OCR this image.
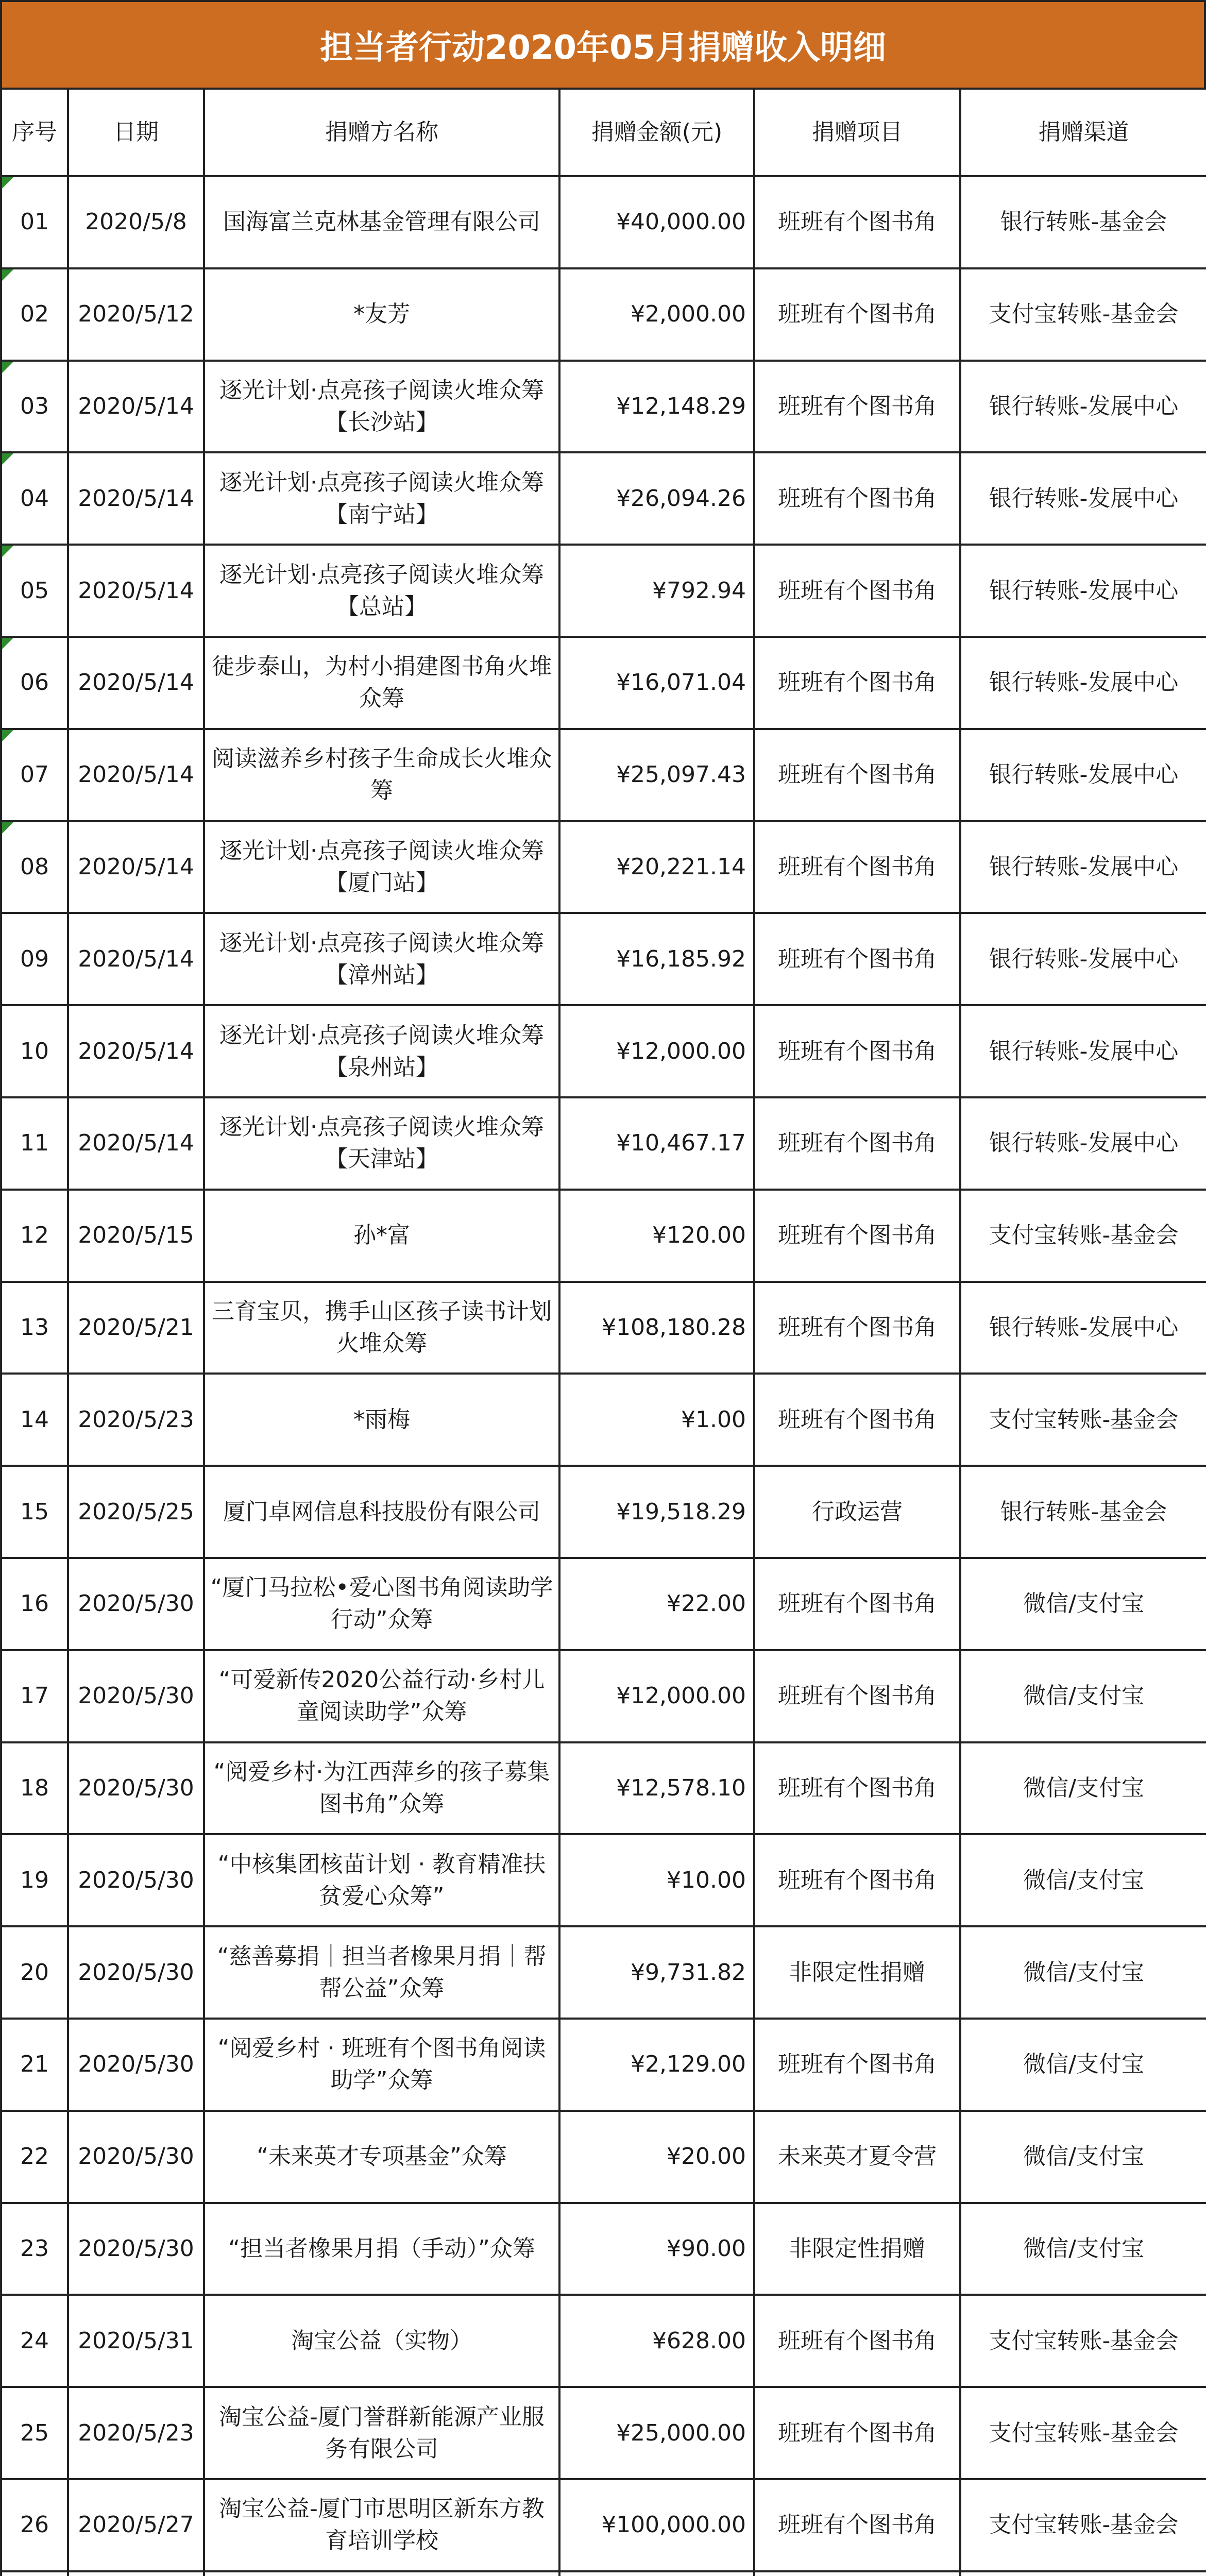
担当者行动2020年05月捐赠收入明细
序号	日期	捐赠方名称	捐赠金额(元)	捐赠项目	捐赠渠道
01	2020/5/8	国海富兰克林基金管理有限公司	¥40,000.00	班班有个图书角	银行转账-基金会
02	2020/5/12	*友芳	¥2,000.00	班班有个图书角	支付宝转账-基金会
03	2020/5/14	逐光计划·点亮孩子阅读火堆众筹【长沙站】	¥12,148.29	班班有个图书角	银行转账-发展中心
04	2020/5/14	逐光计划·点亮孩子阅读火堆众筹【南宁站】	¥26,094.26	班班有个图书角	银行转账-发展中心
05	2020/5/14	逐光计划·点亮孩子阅读火堆众筹【总站】	¥792.94	班班有个图书角	银行转账-发展中心
06	2020/5/14	徒步泰山，为村小捐建图书角火堆众筹	¥16,071.04	班班有个图书角	银行转账-发展中心
07	2020/5/14	阅读滋养乡村孩子生命成长火堆众筹	¥25,097.43	班班有个图书角	银行转账-发展中心
08	2020/5/14	逐光计划·点亮孩子阅读火堆众筹【厦门站】	¥20,221.14	班班有个图书角	银行转账-发展中心
09	2020/5/14	逐光计划·点亮孩子阅读火堆众筹【漳州站】	¥16,185.92	班班有个图书角	银行转账-发展中心
10	2020/5/14	逐光计划·点亮孩子阅读火堆众筹【泉州站】	¥12,000.00	班班有个图书角	银行转账-发展中心
11	2020/5/14	逐光计划·点亮孩子阅读火堆众筹【天津站】	¥10,467.17	班班有个图书角	银行转账-发展中心
12	2020/5/15	孙*富	¥120.00	班班有个图书角	支付宝转账-基金会
13	2020/5/21	三育宝贝，携手山区孩子读书计划火堆众筹	¥108,180.28	班班有个图书角	银行转账-发展中心
14	2020/5/23	*雨梅	¥1.00	班班有个图书角	支付宝转账-基金会
15	2020/5/25	厦门卓网信息科技股份有限公司	¥19,518.29	行政运营	银行转账-基金会
16	2020/5/30	“厦门马拉松•爱心图书角阅读助学行动”众筹	¥22.00	班班有个图书角	微信/支付宝
17	2020/5/30	“可爱新传2020公益行动·乡村儿童阅读助学”众筹	¥12,000.00	班班有个图书角	微信/支付宝
18	2020/5/30	“阅爱乡村·为江西萍乡的孩子募集图书角”众筹	¥12,578.10	班班有个图书角	微信/支付宝
19	2020/5/30	“中核集团核苗计划 · 教育精准扶贫爱心众筹”	¥10.00	班班有个图书角	微信/支付宝
20	2020/5/30	“慈善募捐｜担当者橡果月捐｜帮帮公益”众筹	¥9,731.82	非限定性捐赠	微信/支付宝
21	2020/5/30	“阅爱乡村 · 班班有个图书角阅读助学”众筹	¥2,129.00	班班有个图书角	微信/支付宝
22	2020/5/30	“未来英才专项基金”众筹	¥20.00	未来英才夏令营	微信/支付宝
23	2020/5/30	“担当者橡果月捐（手动）”众筹	¥90.00	非限定性捐赠	微信/支付宝
24	2020/5/31	淘宝公益（实物）	¥628.00	班班有个图书角	支付宝转账-基金会
25	2020/5/23	淘宝公益-厦门誉群新能源产业服务有限公司	¥25,000.00	班班有个图书角	支付宝转账-基金会
26	2020/5/27	淘宝公益-厦门市思明区新东方教育培训学校	¥100,000.00	班班有个图书角	支付宝转账-基金会
